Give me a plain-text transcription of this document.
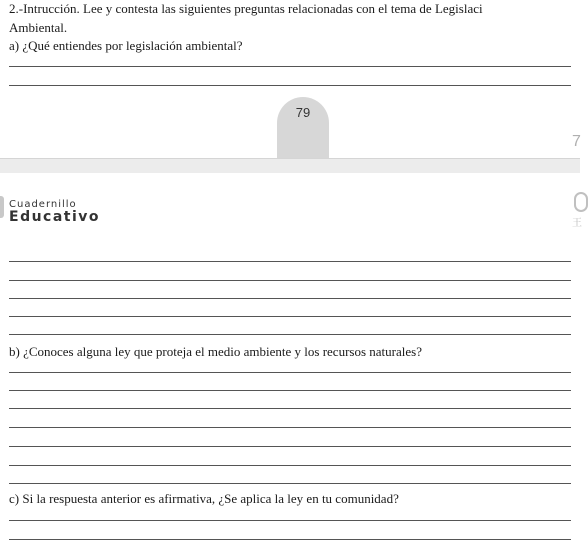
2.-Intrucción. Lee y contesta las siguientes preguntas relacionadas con el tema de Legislaci
Ambiental.
a) ¿Qué entiendes por legislación ambiental?
79
7
Cuadernillo
Educativo	王
b) ¿Conoces alguna ley que proteja el medio ambiente y los recursos naturales?
c) Si la respuesta anterior es afirmativa, ¿Se aplica la ley en tu comunidad?
